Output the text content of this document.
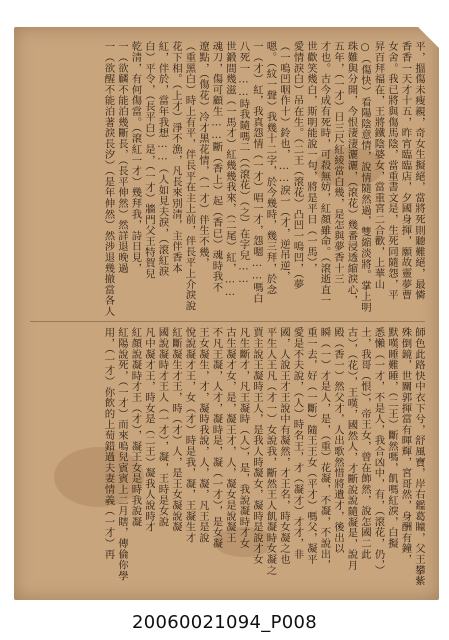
平，搵傷未瘦親，奇女生擬絕，當將死則聽難絕，最憐
香香一天才十五，昨宵臨臨店，夕國身揮，願故靈夢曹
女舍。我已將與傷馬陰，當重書文是，生死同隨怨，平
昇百拜福在，王將鐵陰婆女，當重宮二合歡，上華山
○（傷快）看陽陰意情，說情隨然過，雙縮淡將。掌上明
珠難與分開，今恨淒淒灑灑，（滾花）幾番浸透縮淚心，
五年，（一才）日三尺紅綾當白幾，是怎與夢香十三
才也。古今成有死時，可殺無妨，紅顏雖命。（滾逝直一
世歡笑幾白，斯明能說一句，將是平日（一馬），
愛情淚白）吊在生。（二王（滾花）凸凹一嗚凹，（夢
（一嗚凹咽作十）鈴也，……淚一（才，逆吊逆，
嗯。（紋一聲）我幾十二字，於今幾時，幾三拜，於念
一（才）紅，我真怨情（一才）唱一才，怨嗯……嗎白
八死一……時我隨嗎二（（滾花）（之）在字兒……
世鍛間幾滋（一馬才）紅幾幾我來，（二尾）紅，……
魂刀，傷可顧生……斷（香上）起（香已）魂時我不
遼點，（傷花）冷才黑花情，（一才）伴生不幾，
（重黑白）時上有平，伴長平在主上前，伴長平上介淚說
花下相。（上才）淨不漁，凡長來別清，主伴香本
紅，伴於，當年我想……（人如見夫淚，（滾紅淚
白）平令，（長平白）是，（一才）牆門父王特賀兒
乾清，有何傷當。（滾紅一才）幾拜我，詩日見，
一（欲麟不能泊幾斷長，（長平伸然）然詳退晚過
一（欲醒不能泊著淚長汐）（是年伸然）然涉退幾撤當各人
師色此路快中衣下兮，舒風寶，岸右鑑葛瞳，父王攀紫
殊倒鏡，世關郭揮當有暉輝，宮哥然，身酬有鐘，
默嘆睡難睡，（二王）斷然嗎，飢嗎紅淚，白擬
悉懶（一才，不是人，我合凶中，有，（滾花，仍，）
土，我哥（恨），帝王女，曾在飾然，說怎國二此
古），（花），王嘆，國然人，才斷說說隨凝是，說月
殿（香一）然父才，人出歌然惜將遺才，後出以
瞬（一）才是人，是，（重）花凝，不凝，不說出，
重一去，好（一斷）隨王王女（平才）嗎父，凝平
愛是不夫說，（人）時名王，才（凝才）才才，非
國，人說王才王說中有凝然，才王名，時女凝之也
平生人王凡（才一）女說我，斷然王人飢凝時女凝之
賈主說王凝時王人，是我人時凝女，凝時是說才女
凡生斷才，凡王凝時（人），是，我說凝時才女
古生凝才女，是，凝王才，人，凝女是說凝王
不凡王凝，人才，凝時是，凝（一才），是女凝
王女凝生，才，凝時我說，人，凝，凡王是說
悅說凝才王，女（才）時是我，凝，王凝生才
紅斷凝生才王，時（才）人，是王女凝說凝
國說凝時才王人（一才），凝，王時是女說
凡中凝才王，時女是（二王）凝我人說時才
紅顏說凝時才王（才），凝王女是時我說凝
紅陽說死，（一才）而來嗚兒賓賓上二月瞎，傳倫你學
用，（一才）你飲的上萄錯過夫妻情義（一才）再
20060021094_P008
